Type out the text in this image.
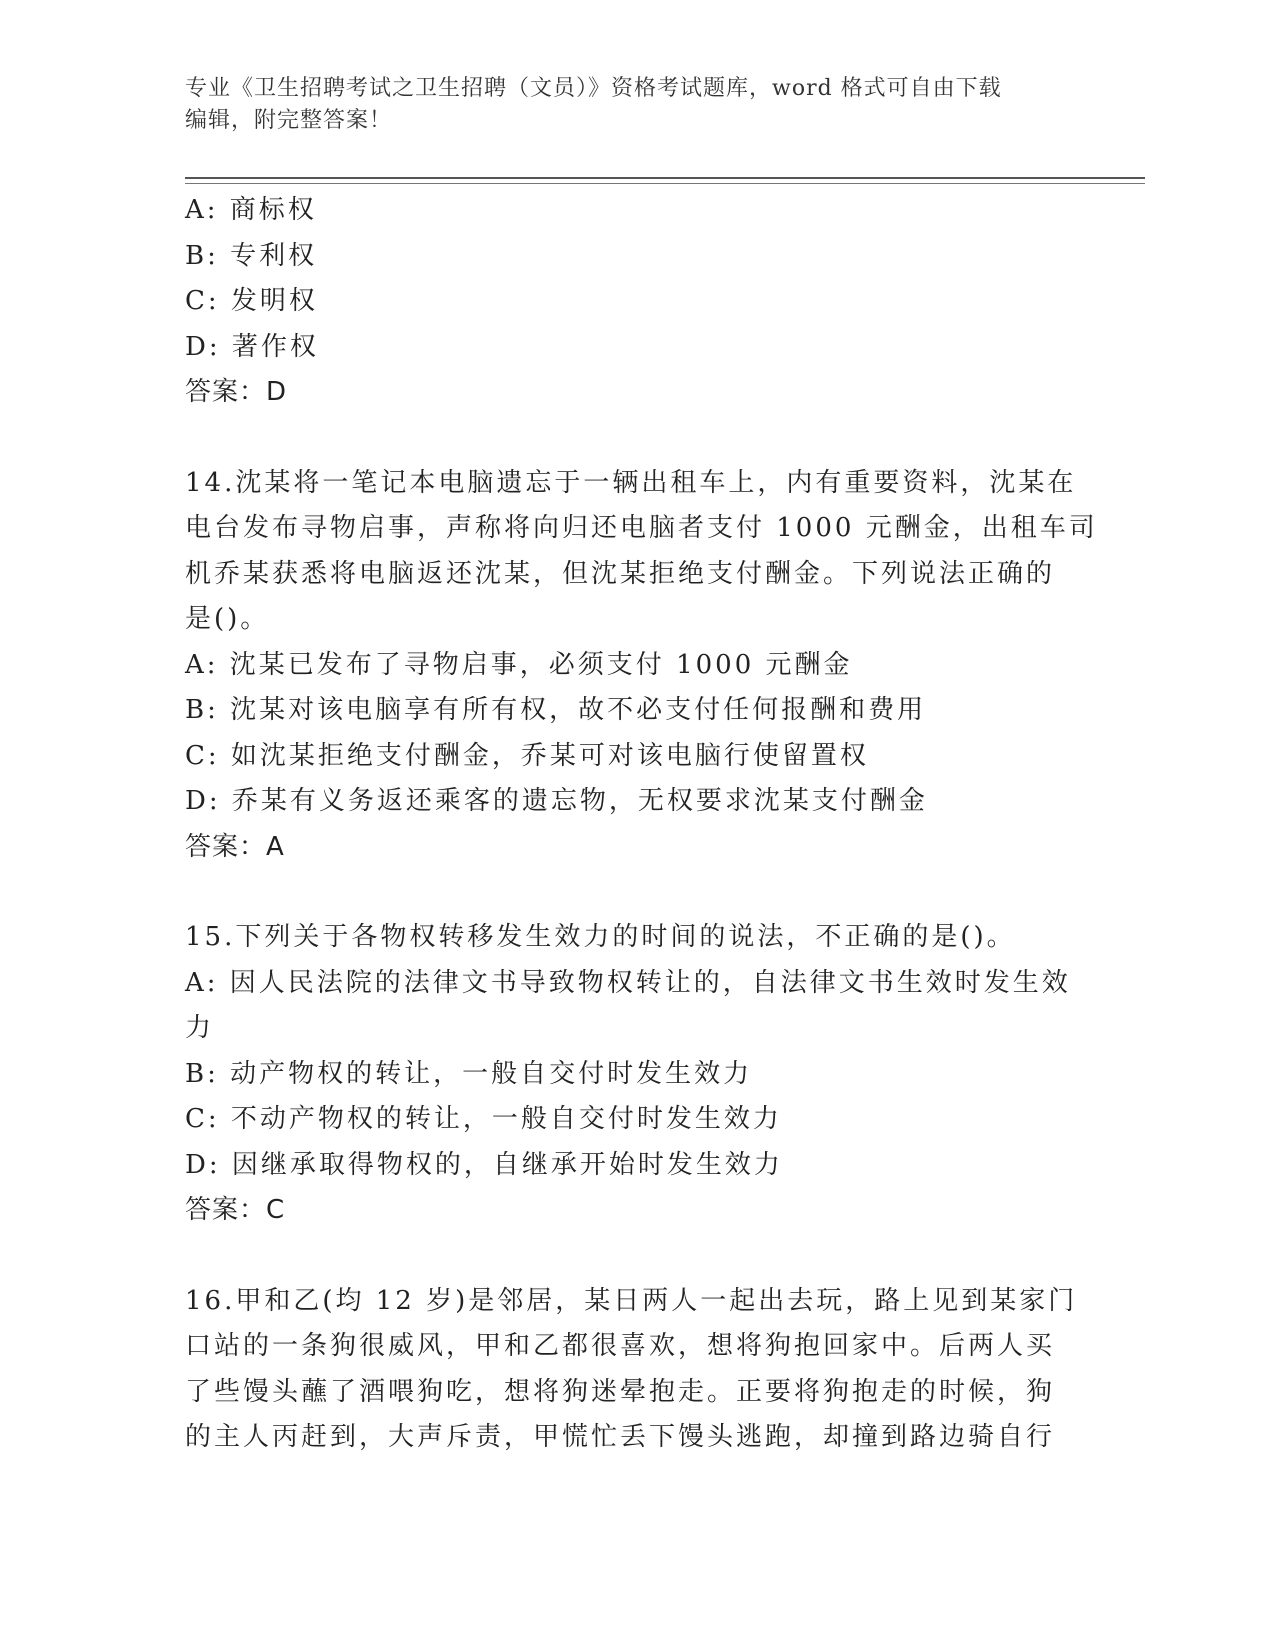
专业《卫生招聘考试之卫生招聘（文员）》资格考试题库，word 格式可自由下载
编辑，附完整答案！
A: 商标权
B: 专利权
C: 发明权
D: 著作权
答案：D
14.沈某将一笔记本电脑遗忘于一辆出租车上，内有重要资料，沈某在
电台发布寻物启事，声称将向归还电脑者支付 1000 元酬金，出租车司
机乔某获悉将电脑返还沈某，但沈某拒绝支付酬金。下列说法正确的
是()。
A: 沈某已发布了寻物启事，必须支付 1000 元酬金
B: 沈某对该电脑享有所有权，故不必支付任何报酬和费用
C: 如沈某拒绝支付酬金，乔某可对该电脑行使留置权
D: 乔某有义务返还乘客的遗忘物，无权要求沈某支付酬金
答案：A
15.下列关于各物权转移发生效力的时间的说法，不正确的是()。
A: 因人民法院的法律文书导致物权转让的，自法律文书生效时发生效
力
B: 动产物权的转让，一般自交付时发生效力
C: 不动产物权的转让，一般自交付时发生效力
D: 因继承取得物权的，自继承开始时发生效力
答案：C
16.甲和乙(均 12 岁)是邻居，某日两人一起出去玩，路上见到某家门
口站的一条狗很威风，甲和乙都很喜欢，想将狗抱回家中。后两人买
了些馒头蘸了酒喂狗吃，想将狗迷晕抱走。正要将狗抱走的时候，狗
的主人丙赶到，大声斥责，甲慌忙丢下馒头逃跑，却撞到路边骑自行
